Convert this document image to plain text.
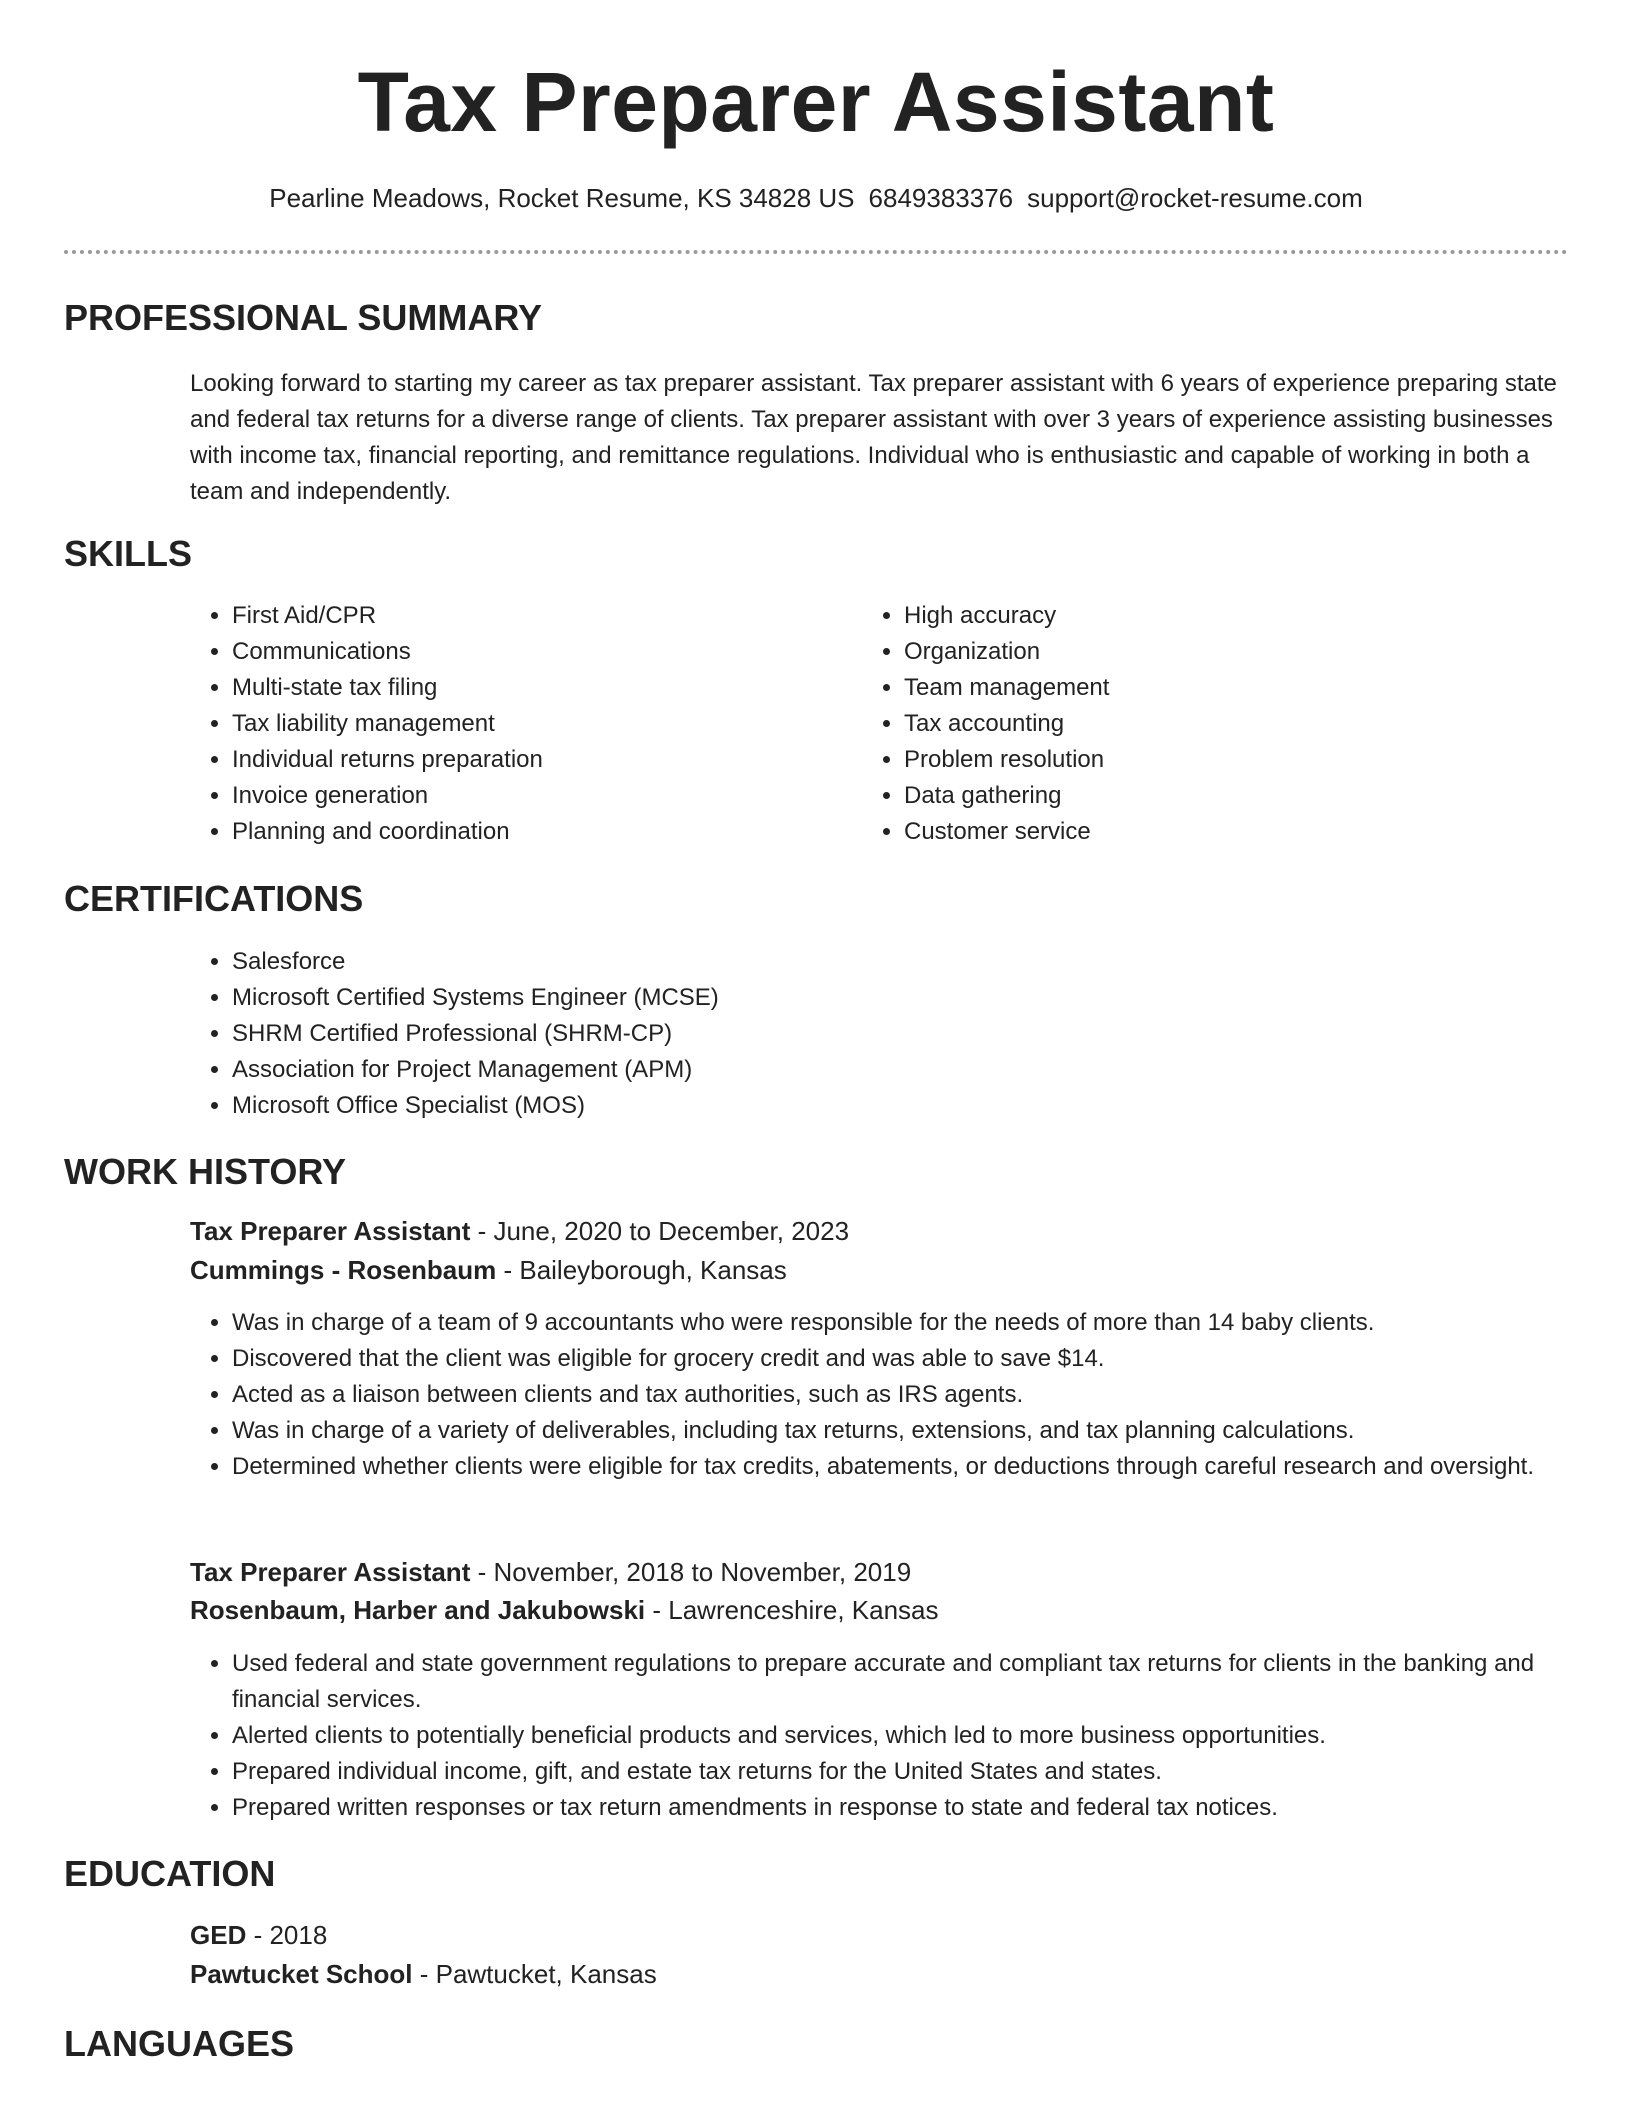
Tax Preparer Assistant
Pearline Meadows, Rocket Resume, KS 34828 US 6849383376 support@rocket-resume.com
PROFESSIONAL SUMMARY

Looking forward to starting my career as tax preparer assistant. Tax preparer assistant with 6 years of experience preparing state and federal tax returns for a diverse range of clients. Tax preparer assistant with over 3 years of experience assisting businesses with income tax, financial reporting, and remittance regulations. Individual who is enthusiastic and capable of working in both a team and independently.

SKILLS
• First Aid/CPR
• Communications
• Multi-state tax filing
• Tax liability management
• Individual returns preparation
• Invoice generation
• Planning and coordination
• High accuracy
• Organization
• Team management
• Tax accounting
• Problem resolution
• Data gathering
• Customer service
CERTIFICATIONS
• Salesforce
• Microsoft Certified Systems Engineer (MCSE)
• SHRM Certified Professional (SHRM-CP)
• Association for Project Management (APM)
• Microsoft Office Specialist (MOS)
WORK HISTORY
Tax Preparer Assistant - June, 2020 to December, 2023
Cummings - Rosenbaum - Baileyborough, Kansas
• Was in charge of a team of 9 accountants who were responsible for the needs of more than 14 baby clients.
• Discovered that the client was eligible for grocery credit and was able to save $14.
• Acted as a liaison between clients and tax authorities, such as IRS agents.
• Was in charge of a variety of deliverables, including tax returns, extensions, and tax planning calculations.
• Determined whether clients were eligible for tax credits, abatements, or deductions through careful research and oversight.
Tax Preparer Assistant - November, 2018 to November, 2019
Rosenbaum, Harber and Jakubowski - Lawrenceshire, Kansas
• Used federal and state government regulations to prepare accurate and compliant tax returns for clients in the banking and financial services.
• Alerted clients to potentially beneficial products and services, which led to more business opportunities.
• Prepared individual income, gift, and estate tax returns for the United States and states.
• Prepared written responses or tax return amendments in response to state and federal tax notices.
EDUCATION
GED - 2018
Pawtucket School - Pawtucket, Kansas
LANGUAGES
